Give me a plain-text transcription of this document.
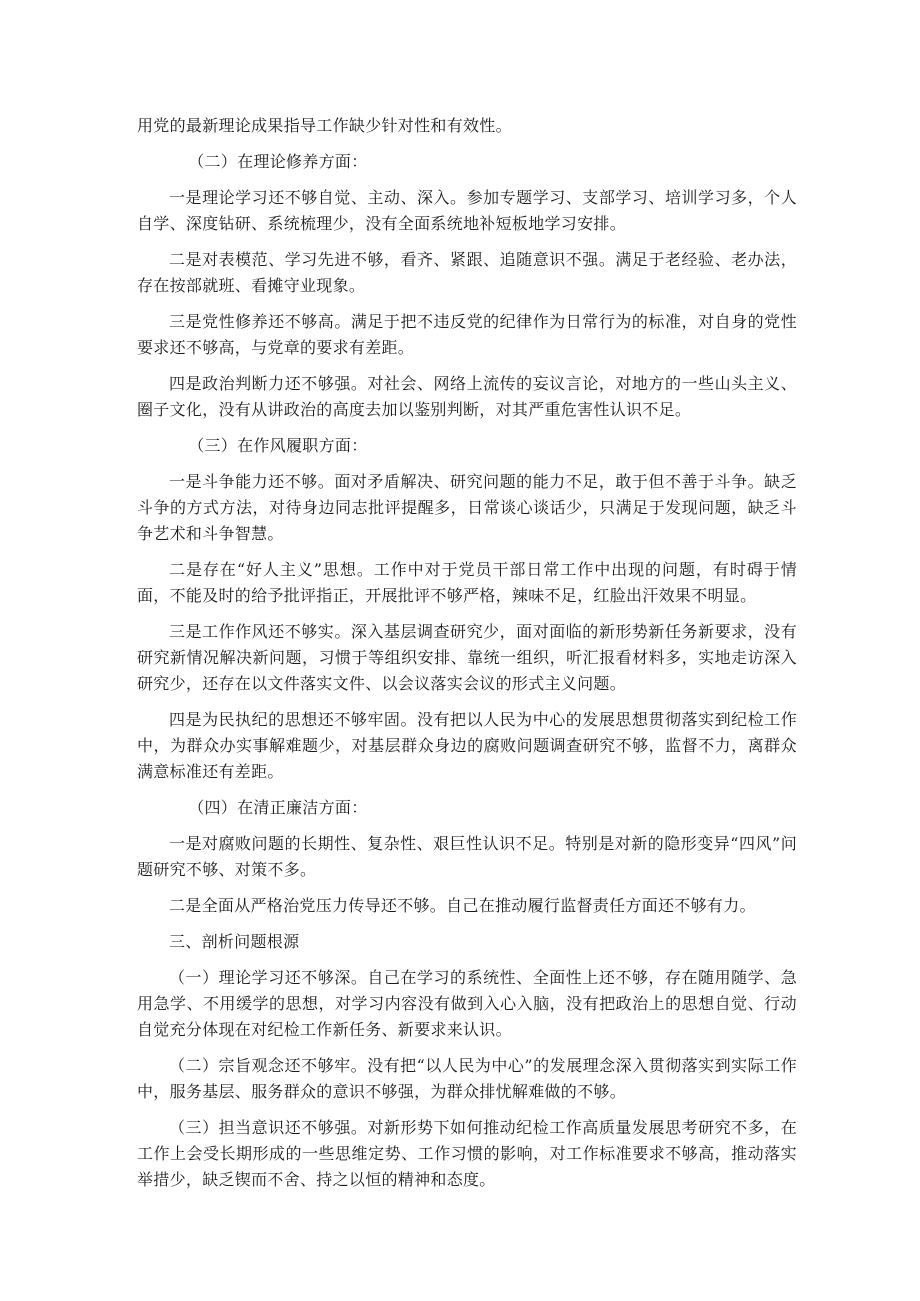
用党的最新理论成果指导工作缺少针对性和有效性。

（二）在理论修养方面：

一是理论学习还不够自觉、主动、深入。参加专题学习、支部学习、培训学习多，个人自学、深度钻研、系统梳理少，没有全面系统地补短板地学习安排。

二是对表模范、学习先进不够，看齐、紧跟、追随意识不强。满足于老经验、老办法，存在按部就班、看摊守业现象。

三是党性修养还不够高。满足于把不违反党的纪律作为日常行为的标准，对自身的党性要求还不够高，与党章的要求有差距。

四是政治判断力还不够强。对社会、网络上流传的妄议言论，对地方的一些山头主义、圈子文化，没有从讲政治的高度去加以鉴别判断，对其严重危害性认识不足。

（三）在作风履职方面：

一是斗争能力还不够。面对矛盾解决、研究问题的能力不足，敢于但不善于斗争。缺乏斗争的方式方法，对待身边同志批评提醒多，日常谈心谈话少，只满足于发现问题，缺乏斗争艺术和斗争智慧。

二是存在“好人主义”思想。工作中对于党员干部日常工作中出现的问题，有时碍于情面，不能及时的给予批评指正，开展批评不够严格，辣味不足，红脸出汗效果不明显。

三是工作作风还不够实。深入基层调查研究少，面对面临的新形势新任务新要求，没有研究新情况解决新问题，习惯于等组织安排、靠统一组织，听汇报看材料多，实地走访深入研究少，还存在以文件落实文件、以会议落实会议的形式主义问题。

四是为民执纪的思想还不够牢固。没有把以人民为中心的发展思想贯彻落实到纪检工作中，为群众办实事解难题少，对基层群众身边的腐败问题调查研究不够，监督不力，离群众满意标准还有差距。

（四）在清正廉洁方面：

一是对腐败问题的长期性、复杂性、艰巨性认识不足。特别是对新的隐形变异“四风”问题研究不够、对策不多。

二是全面从严格治党压力传导还不够。自己在推动履行监督责任方面还不够有力。

三、剖析问题根源

（一）理论学习还不够深。自己在学习的系统性、全面性上还不够，存在随用随学、急用急学、不用缓学的思想，对学习内容没有做到入心入脑，没有把政治上的思想自觉、行动自觉充分体现在对纪检工作新任务、新要求来认识。

（二）宗旨观念还不够牢。没有把“以人民为中心”的发展理念深入贯彻落实到实际工作中，服务基层、服务群众的意识不够强，为群众排忧解难做的不够。

（三）担当意识还不够强。对新形势下如何推动纪检工作高质量发展思考研究不多，在工作上会受长期形成的一些思维定势、工作习惯的影响，对工作标准要求不够高，推动落实举措少，缺乏锲而不舍、持之以恒的精神和态度。
